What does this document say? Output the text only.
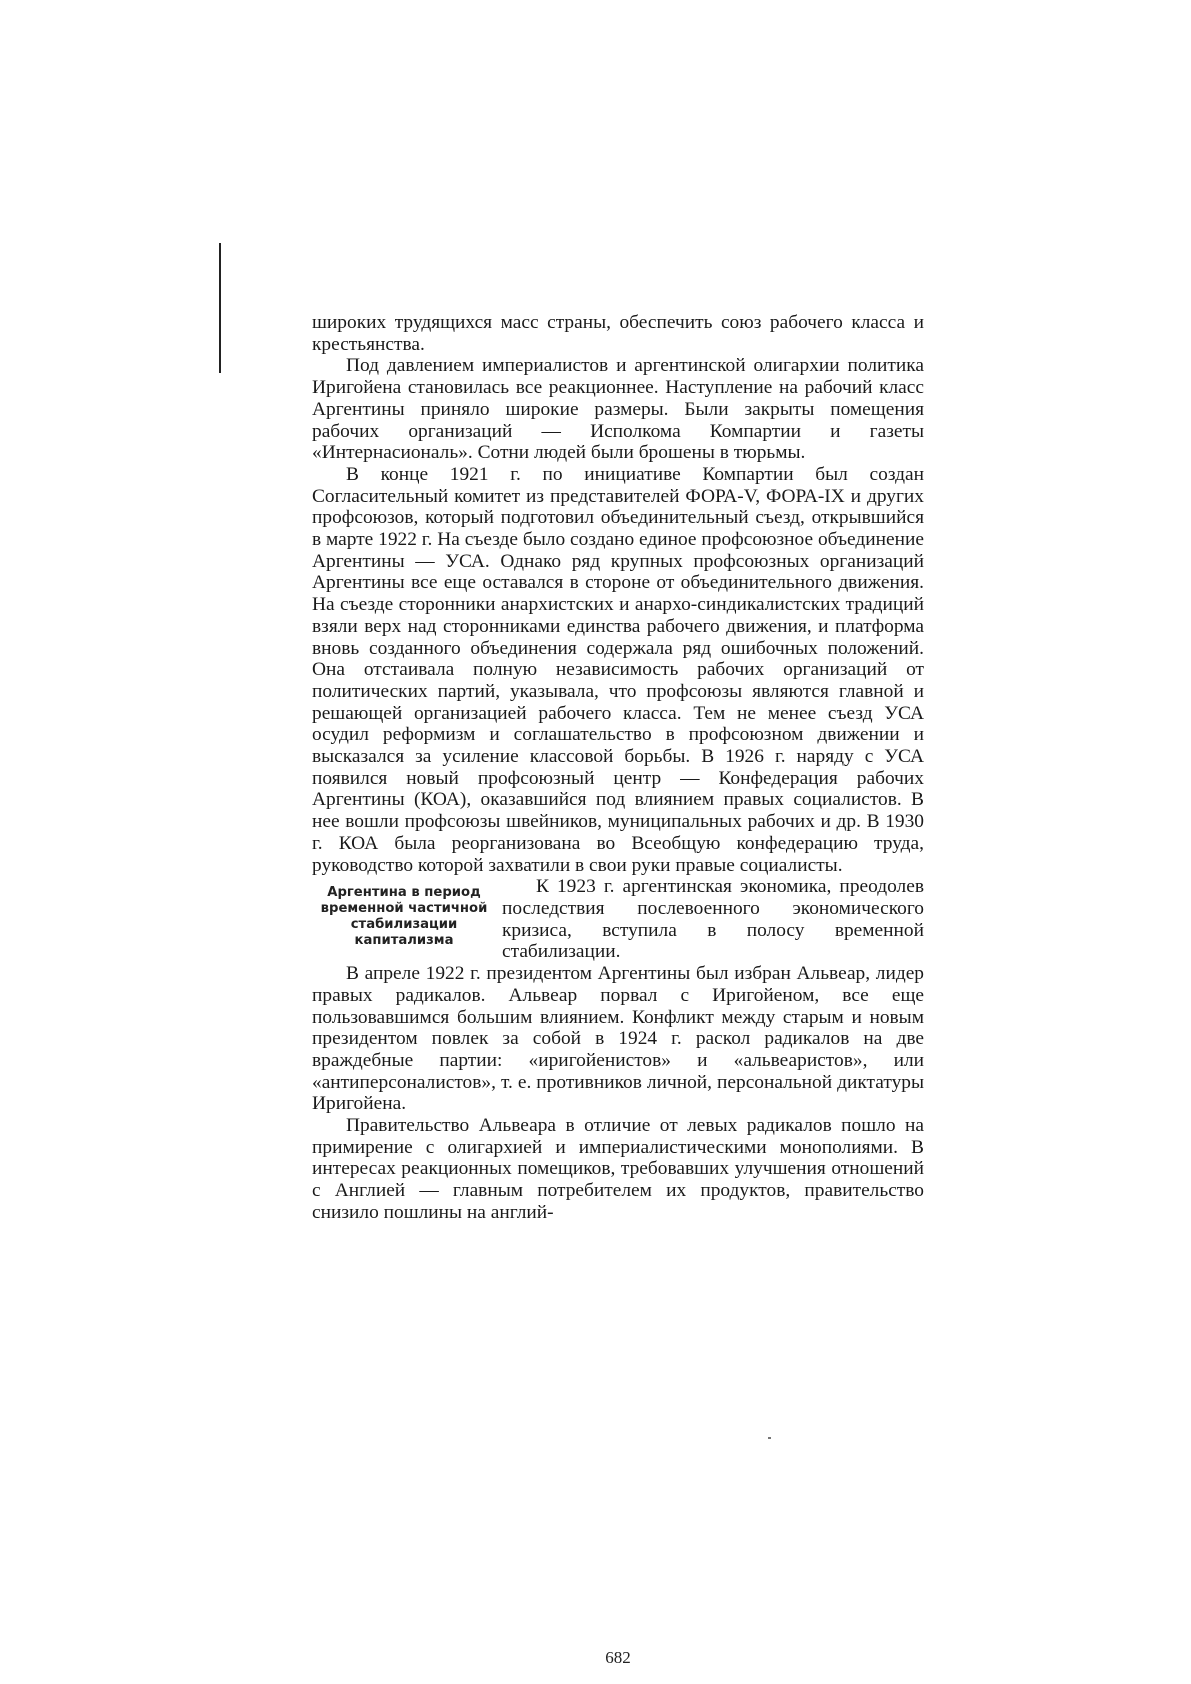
широких трудящихся масс страны, обеспечить союз рабочего класса и крестьянства.

Под давлением империалистов и аргентинской олигархии политика Иригойена становилась все реакционнее. Наступление на рабочий класс Аргентины приняло широкие размеры. Были закрыты помещения рабочих организаций — Исполкома Компартии и газеты «Интернасиональ». Сотни людей были брошены в тюрьмы.

В конце 1921 г. по инициативе Компартии был создан Согласительный комитет из представителей ФОРА-V, ФОРА-IX и других профсоюзов, который подготовил объединительный съезд, открывшийся в марте 1922 г. На съезде было создано единое профсоюзное объединение Аргентины — УСА. Однако ряд крупных профсоюзных организаций Аргентины все еще оставался в стороне от объединительного движения. На съезде сторонники анархистских и анархо-синдикалистских традиций взяли верх над сторонниками единства рабочего движения, и платформа вновь созданного объединения содержала ряд ошибочных положений. Она отстаивала полную независимость рабочих организаций от политических партий, указывала, что профсоюзы являются главной и решающей организацией рабочего класса. Тем не менее съезд УСА осудил реформизм и соглашательство в профсоюзном движении и высказался за усиление классовой борьбы. В 1926 г. наряду с УСА появился новый профсоюзный центр — Конфедерация рабочих Аргентины (КОА), оказавшийся под влиянием правых социалистов. В нее вошли профсоюзы швейников, муниципальных рабочих и др. В 1930 г. КОА была реорганизована во Всеобщую конфедерацию труда, руководство которой захватили в свои руки правые социалисты.

Аргентина в период временной частичной стабилизации капитализма

К 1923 г. аргентинская экономика, преодолев последствия послевоенного экономического кризиса, вступила в полосу временной стабилизации.

В апреле 1922 г. президентом Аргентины был избран Альвеар, лидер правых радикалов. Альвеар порвал с Иригойеном, все еще пользовавшимся большим влиянием. Конфликт между старым и новым президентом повлек за собой в 1924 г. раскол радикалов на две враждебные партии: «иригойенистов» и «альвеаристов», или «антиперсоналистов», т. е. противников личной, персональной диктатуры Иригойена.

Правительство Альвеара в отличие от левых радикалов пошло на примирение с олигархией и империалистическими монополиями. В интересах реакционных помещиков, требовавших улучшения отношений с Англией — главным потребителем их продуктов, правительство снизило пошлины на англий-

682
